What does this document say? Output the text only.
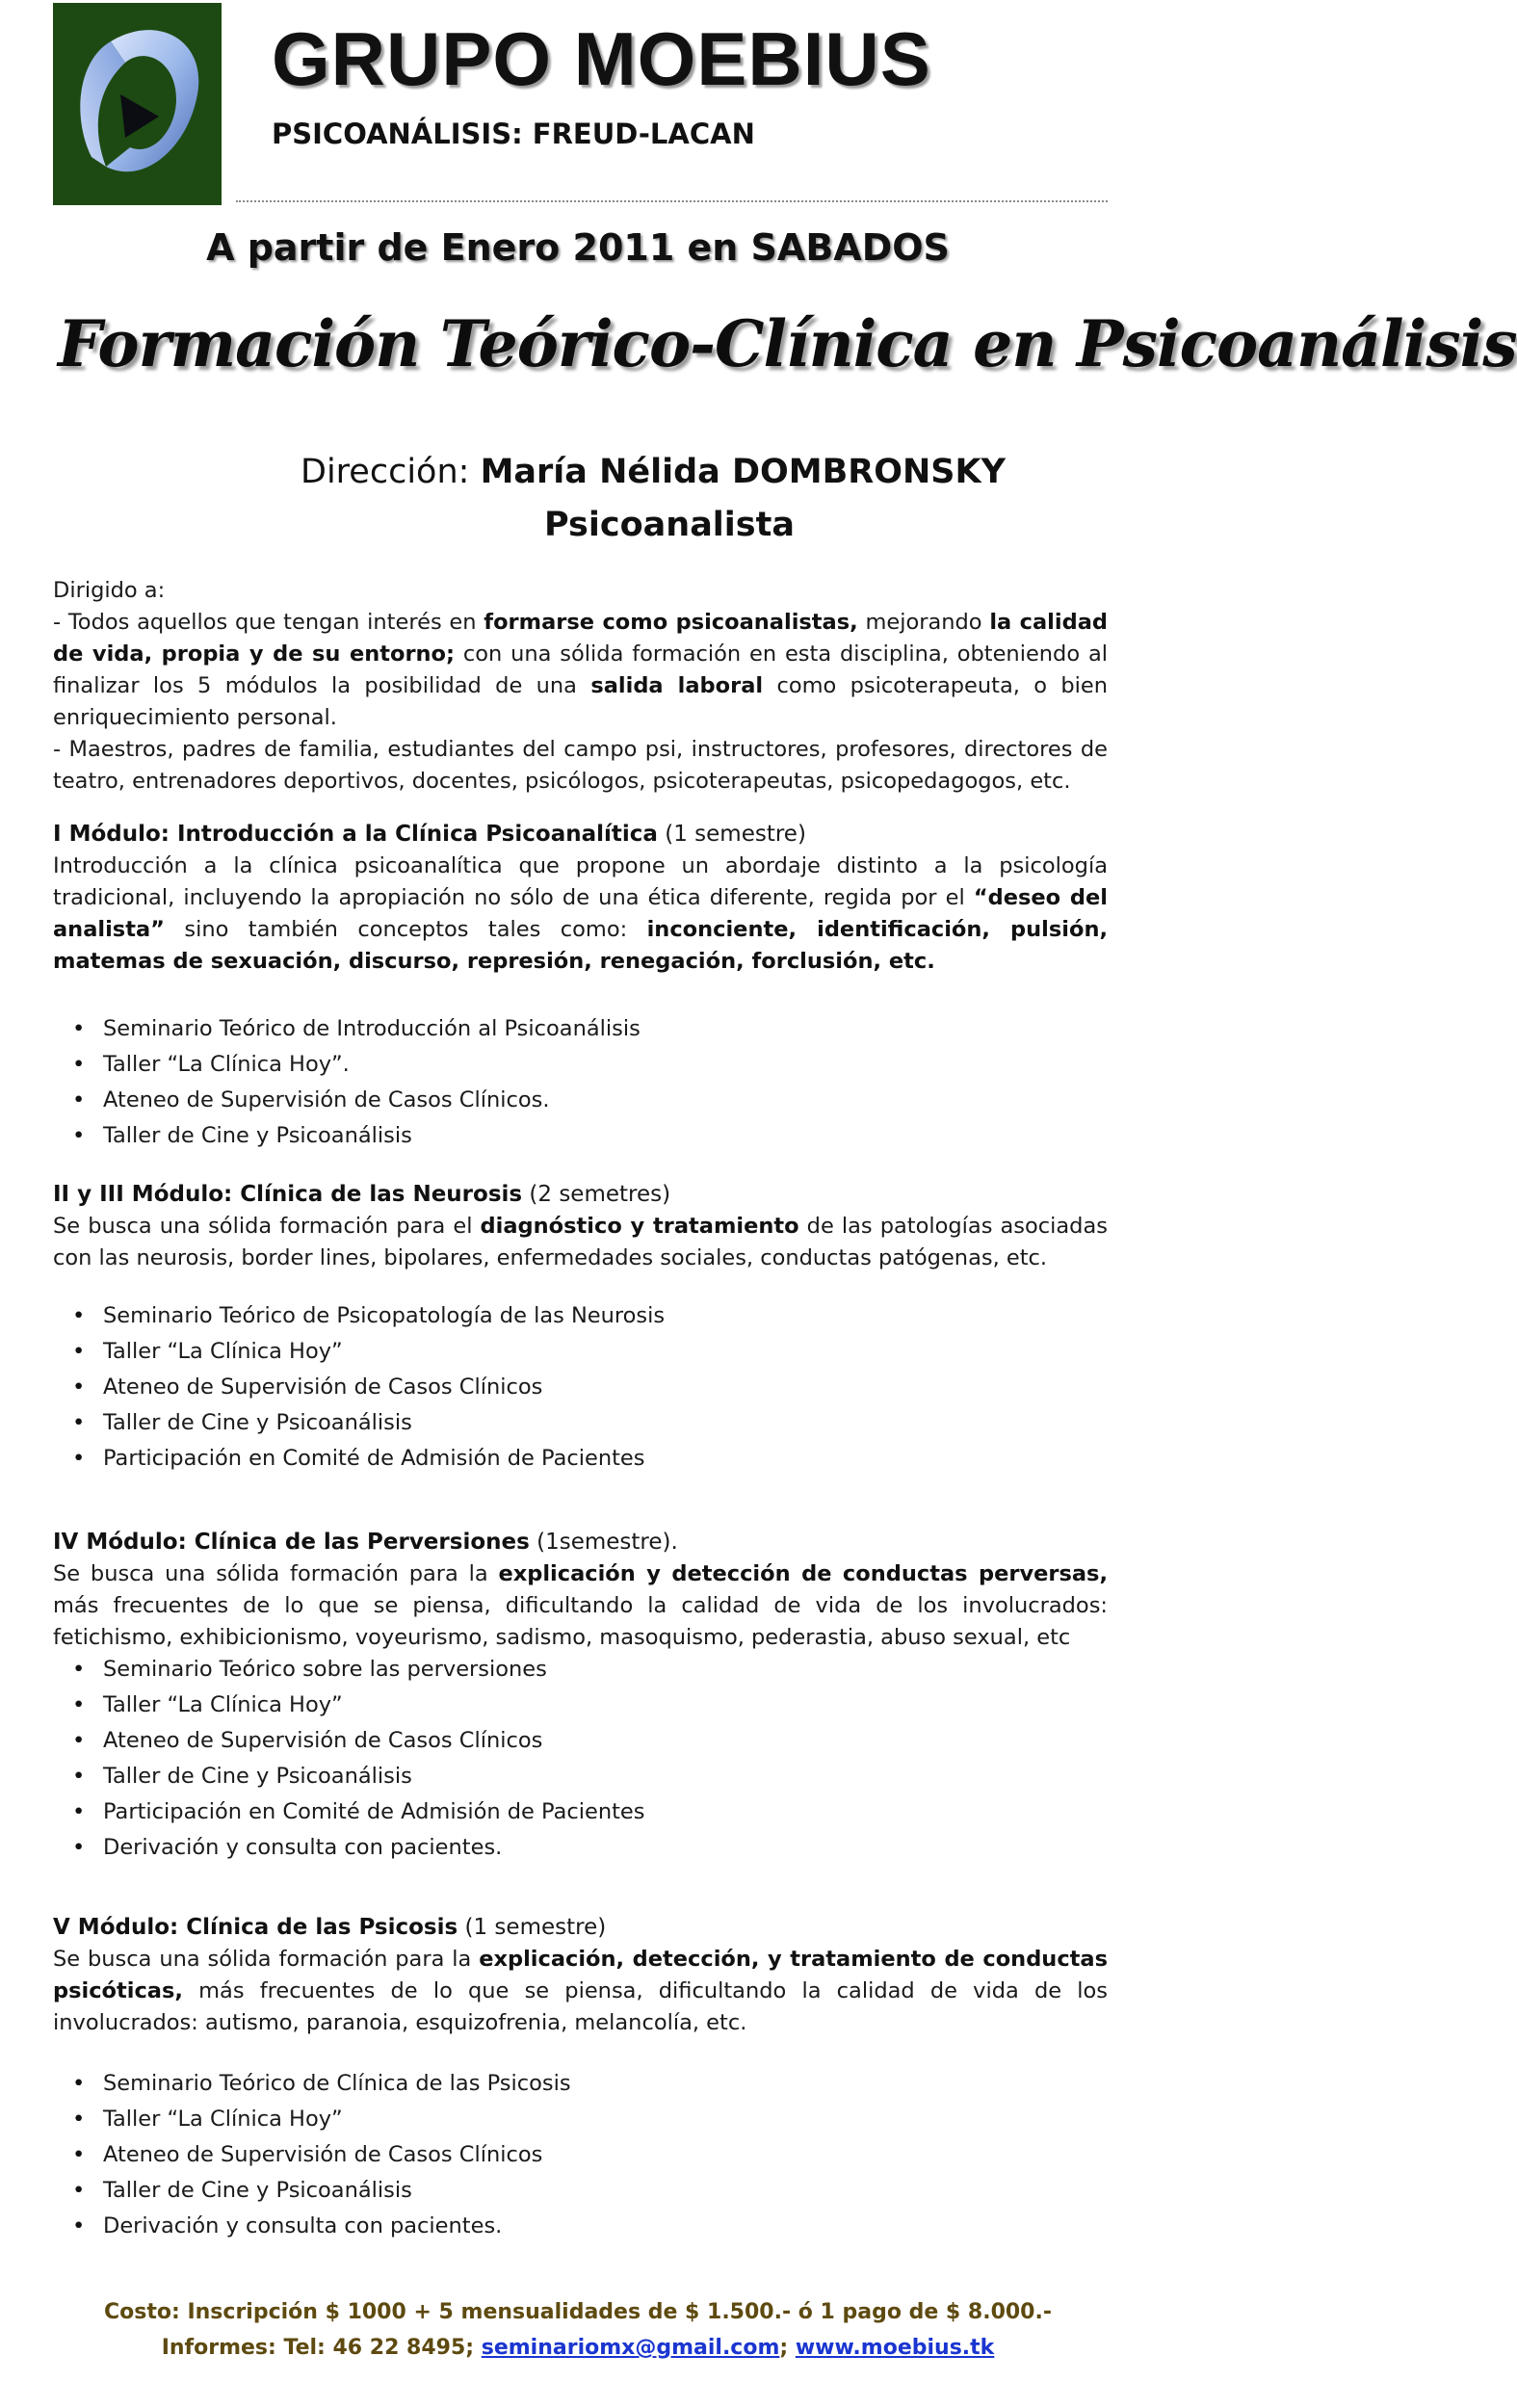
GRUPO MOEBIUS
PSICOANÁLISIS: FREUD-LACAN
A partir de Enero 2011 en SABADOS
Formación Teórico-Clínica en Psicoanálisis
Dirección: María Nélida DOMBRONSKY
Psicoanalista

Dirigido a:

- Todos aquellos que tengan interés en formarse como psicoanalistas, mejorando la calidad de vida, propia y de su entorno; con una sólida formación en esta disciplina, obteniendo al finalizar los 5 módulos la posibilidad de una salida laboral como psicoterapeuta, o bien enriquecimiento personal.

- Maestros, padres de familia, estudiantes del campo psi, instructores, profesores, directores de teatro, entrenadores deportivos, docentes, psicólogos, psicoterapeutas, psicopedagogos, etc.

I Módulo: Introducción a la Clínica Psicoanalítica (1 semestre)

Introducción a la clínica psicoanalítica que propone un abordaje distinto a la psicología tradicional, incluyendo la apropiación no sólo de una ética diferente, regida por el “deseo del analista” sino también conceptos tales como: inconciente, identificación, pulsión, matemas de sexuación, discurso, represión, renegación, forclusión, etc.

• Seminario Teórico de Introducción al Psicoanálisis
• Taller “La Clínica Hoy”.
• Ateneo de Supervisión de Casos Clínicos.
• Taller de Cine y Psicoanálisis

II y III Módulo: Clínica de las Neurosis (2 semetres)

Se busca una sólida formación para el diagnóstico y tratamiento de las patologías asociadas con las neurosis, border lines, bipolares, enfermedades sociales, conductas patógenas, etc.

• Seminario Teórico de Psicopatología de las Neurosis
• Taller “La Clínica Hoy”
• Ateneo de Supervisión de Casos Clínicos
• Taller de Cine y Psicoanálisis
• Participación en Comité de Admisión de Pacientes

IV Módulo: Clínica de las Perversiones (1semestre).

Se busca una sólida formación para la explicación y detección de conductas perversas, más frecuentes de lo que se piensa, dificultando la calidad de vida de los involucrados: fetichismo, exhibicionismo, voyeurismo, sadismo, masoquismo, pederastia, abuso sexual, etc

• Seminario Teórico sobre las perversiones
• Taller “La Clínica Hoy”
• Ateneo de Supervisión de Casos Clínicos
• Taller de Cine y Psicoanálisis
• Participación en Comité de Admisión de Pacientes
• Derivación y consulta con pacientes.

V Módulo: Clínica de las Psicosis (1 semestre)

Se busca una sólida formación para la explicación, detección, y tratamiento de conductas psicóticas, más frecuentes de lo que se piensa, dificultando la calidad de vida de los involucrados: autismo, paranoia, esquizofrenia, melancolía, etc.

• Seminario Teórico de Clínica de las Psicosis
• Taller “La Clínica Hoy”
• Ateneo de Supervisión de Casos Clínicos
• Taller de Cine y Psicoanálisis
• Derivación y consulta con pacientes.
Costo: Inscripción $ 1000 + 5 mensualidades de $ 1.500.- ó 1 pago de $ 8.000.-
Informes: Tel: 46 22 8495; seminariomx@gmail.com; www.moebius.tk
